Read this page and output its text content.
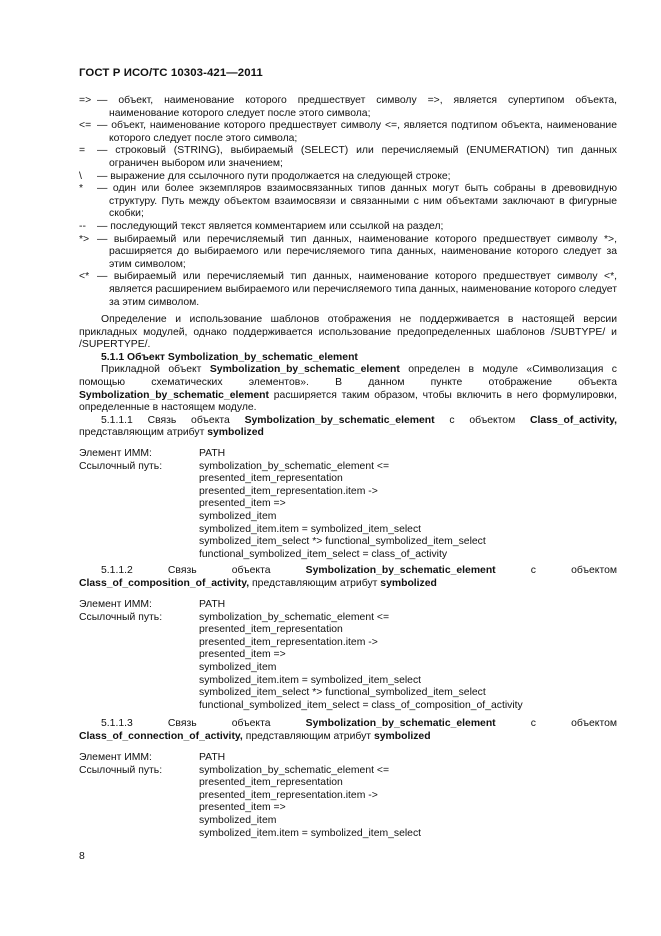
ГОСТ Р ИСО/ТС 10303-421—2011
=> — объект, наименование которого предшествует символу =>, является супертипом объекта, наименование которого следует после этого символа;
<= — объект, наименование которого предшествует символу <=, является подтипом объекта, наименование которого следует после этого символа;
=	— строковый (STRING), выбираемый (SELECT) или перечисляемый (ENUMERATION) тип данных ограничен выбором или значением;
\	— выражение для ссылочного пути продолжается на следующей строке;
*	— один или более экземпляров взаимосвязанных типов данных могут быть собраны в древовидную структуру. Путь между объектом взаимосвязи и связанными с ним объектами заключают в фигурные скобки;
--	— последующий текст является комментарием или ссылкой на раздел;
*> — выбираемый или перечисляемый тип данных, наименование которого предшествует символу *>, расширяется до выбираемого или перечисляемого типа данных, наименование которого следует за этим символом;
<* — выбираемый или перечисляемый тип данных, наименование которого предшествует символу <*, является расширением выбираемого или перечисляемого типа данных, наименование которого следует за этим символом.

Определение и использование шаблонов отображения не поддерживается в настоящей версии прикладных модулей, однако поддерживается использование предопределенных шаблонов /SUBTYPE/ и /SUPERTYPE/.

5.1.1 Объект Symbolization_by_schematic_element

Прикладной объект Symbolization_by_schematic_element определен в модуле «Символизация с помощью схематических элементов». В данном пункте отображение объекта Symbolization_by_schematic_element расширяется таким образом, чтобы включить в него формулировки, определенные в настоящем модуле.

5.1.1.1 Связь объекта Symbolization_by_schematic_element с объектом Class_of_activity, представляющим атрибут symbolized

Элемент ИММ:	PATH
Ссылочный путь:	symbolization_by_schematic_element <=
presented_item_representation
presented_item_representation.item ->
presented_item =>
symbolized_item
symbolized_item.item = symbolized_item_select
symbolized_item_select *> functional_symbolized_item_select
functional_symbolized_item_select = class_of_activity

5.1.1.2	Связь объекта	Symbolization_by_schematic_element	с объектом Class_of_composition_of_activity, представляющим атрибут symbolized

Элемент ИММ:	PATH
Ссылочный путь:	symbolization_by_schematic_element <=
presented_item_representation
presented_item_representation.item ->
presented_item =>
symbolized_item
symbolized_item.item = symbolized_item_select
symbolized_item_select *> functional_symbolized_item_select
functional_symbolized_item_select = class_of_composition_of_activity

5.1.1.3	Связь объекта	Symbolization_by_schematic_element	с объектом Class_of_connection_of_activity, представляющим атрибут symbolized

Элемент ИММ:	PATH
Ссылочный путь:	symbolization_by_schematic_element <=
presented_item_representation
presented_item_representation.item ->
presented_item =>
symbolized_item
symbolized_item.item = symbolized_item_select
8
